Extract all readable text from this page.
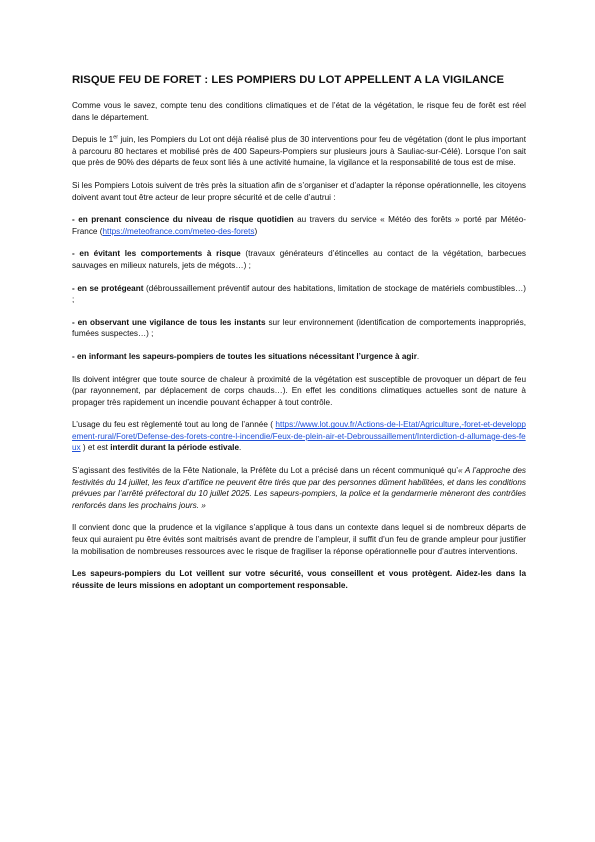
RISQUE FEU DE FORET : LES POMPIERS DU LOT APPELLENT A LA VIGILANCE

Comme vous le savez, compte tenu des conditions climatiques et de l’état de la végétation, le risque feu de forêt est réel dans le département.

Depuis le 1er juin, les Pompiers du Lot ont déjà réalisé plus de 30 interventions pour feu de végétation (dont le plus important à parcouru 80 hectares et mobilisé près de 400 Sapeurs-Pompiers sur plusieurs jours à Sauliac-sur-Célé). Lorsque l’on sait que près de 90% des départs de feux sont liés à une activité humaine, la vigilance et la responsabilité de tous est de mise.

Si les Pompiers Lotois suivent de très près la situation afin de s’organiser et d’adapter la réponse opérationnelle, les citoyens doivent avant tout être acteur de leur propre sécurité et de celle d’autrui :

- en prenant conscience du niveau de risque quotidien au travers du service « Météo des forêts » porté par Météo-France (https://meteofrance.com/meteo-des-forets)

- en évitant les comportements à risque (travaux générateurs d’étincelles au contact de la végétation, barbecues sauvages en milieux naturels, jets de mégots…) ;

- en se protégeant (débroussaillement préventif autour des habitations, limitation de stockage de matériels combustibles…) ;

- en observant une vigilance de tous les instants sur leur environnement (identification de comportements inappropriés, fumées suspectes…) ;

- en informant les sapeurs-pompiers de toutes les situations nécessitant l’urgence à agir.

Ils doivent intégrer que toute source de chaleur à proximité de la végétation est susceptible de provoquer un départ de feu (par rayonnement, par déplacement de corps chauds…). En effet les conditions climatiques actuelles sont de nature à propager très rapidement un incendie pouvant échapper à tout contrôle.

L’usage du feu est règlementé tout au long de l’année ( https://www.lot.gouv.fr/Actions-de-l-Etat/Agriculture,-foret-et-developpement-rural/Foret/Defense-des-forets-contre-l-incendie/Feux-de-plein-air-et-Debroussaillement/Interdiction-d-allumage-des-feux ) et est interdit durant la période estivale.

S’agissant des festivités de la Fête Nationale, la Préfète du Lot a précisé dans un récent communiqué qu’« A l’approche des festivités du 14 juillet, les feux d’artifice ne peuvent être tirés que par des personnes dûment habilitées, et dans les conditions prévues par l’arrêté préfectoral du 10 juillet 2025. Les sapeurs-pompiers, la police et la gendarmerie mèneront des contrôles renforcés dans les prochains jours. »

Il convient donc que la prudence et la vigilance s’applique à tous dans un contexte dans lequel si de nombreux départs de feux qui auraient pu être évités sont maitrisés avant de prendre de l’ampleur, il suffit d’un feu de grande ampleur pour justifier la mobilisation de nombreuses ressources avec le risque de fragiliser la réponse opérationnelle pour d’autres interventions.

Les sapeurs-pompiers du Lot veillent sur votre sécurité, vous conseillent et vous protègent. Aidez-les dans la réussite de leurs missions en adoptant un comportement responsable.
